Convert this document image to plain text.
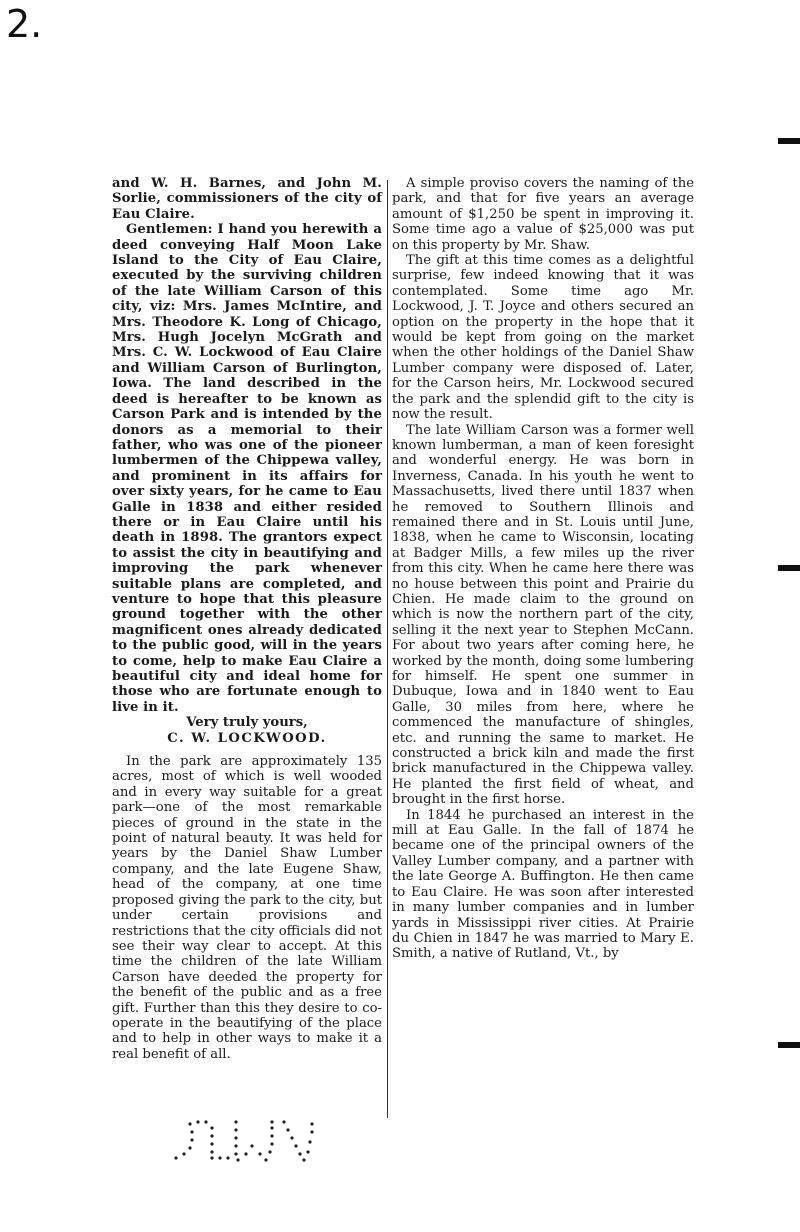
2.

and W. H. Barnes, and John M. Sorlie, commissioners of the city of Eau Claire.

Gentlemen: I hand you herewith a deed conveying Half Moon Lake Island to the City of Eau Claire, executed by the surviving children of the late William Carson of this city, viz: Mrs. James McIntire, and Mrs. Theodore K. Long of Chicago, Mrs. Hugh Jocelyn McGrath and Mrs. C. W. Lockwood of Eau Claire and William Carson of Burlington, Iowa. The land described in the deed is hereafter to be known as Carson Park and is intended by the donors as a memorial to their father, who was one of the pioneer lumbermen of the Chippewa valley, and prominent in its affairs for over sixty years, for he came to Eau Galle in 1838 and either resided there or in Eau Claire until his death in 1898. The grantors expect to assist the city in beautifying and improving the park whenever suitable plans are completed, and venture to hope that this pleasure ground together with the other magnificent ones already dedicated to the public good, will in the years to come, help to make Eau Claire a beautiful city and ideal home for those who are fortunate enough to live in it.

Very truly yours,

C. W. LOCKWOOD.

In the park are approximately 135 acres, most of which is well wooded and in every way suitable for a great park—one of the most remarkable pieces of ground in the state in the point of natural beauty. It was held for years by the Daniel Shaw Lumber company, and the late Eugene Shaw, head of the company, at one time proposed giving the park to the city, but under certain provisions and restrictions that the city officials did not see their way clear to accept. At this time the children of the late William Carson have deeded the property for the benefit of the public and as a free gift. Further than this they desire to co-operate in the beautifying of the place and to help in other ways to make it a real benefit of all.

A simple proviso covers the naming of the park, and that for five years an average amount of $1,250 be spent in improving it. Some time ago a value of $25,000 was put on this property by Mr. Shaw.

The gift at this time comes as a delightful surprise, few indeed knowing that it was contemplated. Some time ago Mr. Lockwood, J. T. Joyce and others secured an option on the property in the hope that it would be kept from going on the market when the other holdings of the Daniel Shaw Lumber company were disposed of. Later, for the Carson heirs, Mr. Lockwood secured the park and the splendid gift to the city is now the result.

The late William Carson was a former well known lumberman, a man of keen foresight and wonderful energy. He was born in Inverness, Canada. In his youth he went to Massachusetts, lived there until 1837 when he removed to Southern Illinois and remained there and in St. Louis until June, 1838, when he came to Wisconsin, locating at Badger Mills, a few miles up the river from this city. When he came here there was no house between this point and Prairie du Chien. He made claim to the ground on which is now the northern part of the city, selling it the next year to Stephen McCann. For about two years after coming here, he worked by the month, doing some lumbering for himself. He spent one summer in Dubuque, Iowa and in 1840 went to Eau Galle, 30 miles from here, where he commenced the manufacture of shingles, etc. and running the same to market. He constructed a brick kiln and made the first brick manufactured in the Chippewa valley. He planted the first field of wheat, and brought in the first horse.

In 1844 he purchased an interest in the mill at Eau Galle. In the fall of 1874 he became one of the principal owners of the Valley Lumber company, and a partner with the late George A. Buffington. He then came to Eau Claire. He was soon after interested in many lumber companies and in lumber yards in Mississippi river cities. At Prairie du Chien in 1847 he was married to Mary E. Smith, a native of Rutland, Vt., by
